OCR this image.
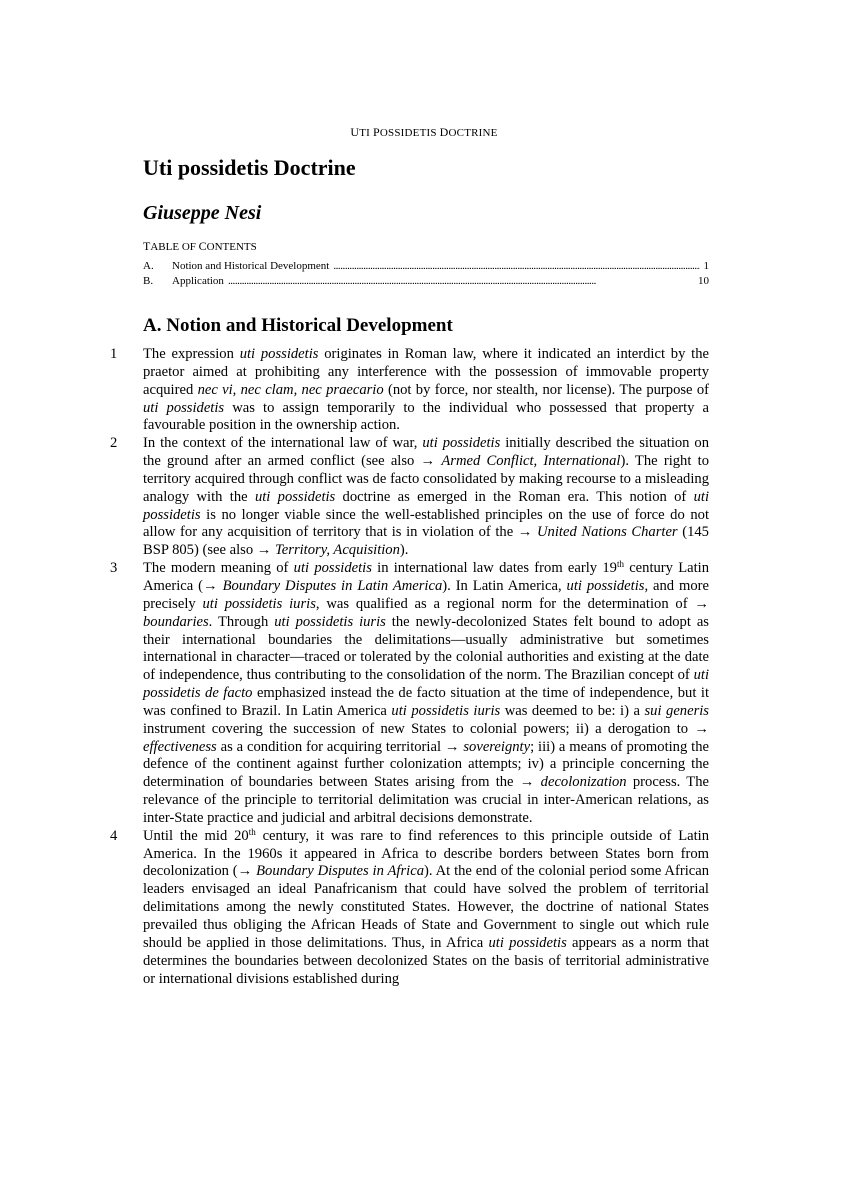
UTI POSSIDETIS DOCTRINE
Uti possidetis Doctrine
Giuseppe Nesi
TABLE OF CONTENTS
A.	Notion and Historical Development . . .	1
B.	Application . . .	10
A. Notion and Historical Development

1 The expression uti possidetis originates in Roman law, where it indicated an interdict by the praetor aimed at prohibiting any interference with the possession of immovable property acquired nec vi, nec clam, nec praecario (not by force, nor stealth, nor license). The purpose of uti possidetis was to assign temporarily to the individual who possessed that property a favourable position in the ownership action.

2 In the context of the international law of war, uti possidetis initially described the situation on the ground after an armed conflict (see also → Armed Conflict, International). The right to territory acquired through conflict was de facto consolidated by making recourse to a misleading analogy with the uti possidetis doctrine as emerged in the Roman era. This notion of uti possidetis is no longer viable since the well-established principles on the use of force do not allow for any acquisition of territory that is in violation of the → United Nations Charter (145 BSP 805) (see also → Territory, Acquisition).

3 The modern meaning of uti possidetis in international law dates from early 19th century Latin America (→ Boundary Disputes in Latin America). In Latin America, uti possidetis, and more precisely uti possidetis iuris, was qualified as a regional norm for the determination of → boundaries. Through uti possidetis iuris the newly-decolonized States felt bound to adopt as their international boundaries the delimitations—usually administrative but sometimes international in character—traced or tolerated by the colonial authorities and existing at the date of independence, thus contributing to the consolidation of the norm. The Brazilian concept of uti possidetis de facto emphasized instead the de facto situation at the time of independence, but it was confined to Brazil. In Latin America uti possidetis iuris was deemed to be: i) a sui generis instrument covering the succession of new States to colonial powers; ii) a derogation to → effectiveness as a condition for acquiring territorial → sovereignty; iii) a means of promoting the defence of the continent against further colonization attempts; iv) a principle concerning the determination of boundaries between States arising from the → decolonization process. The relevance of the principle to territorial delimitation was crucial in inter-American relations, as inter-State practice and judicial and arbitral decisions demonstrate.

4 Until the mid 20th century, it was rare to find references to this principle outside of Latin America. In the 1960s it appeared in Africa to describe borders between States born from decolonization (→ Boundary Disputes in Africa). At the end of the colonial period some African leaders envisaged an ideal Panafricanism that could have solved the problem of territorial delimitations among the newly constituted States. However, the doctrine of national States prevailed thus obliging the African Heads of State and Government to single out which rule should be applied in those delimitations. Thus, in Africa uti possidetis appears as a norm that determines the boundaries between decolonized States on the basis of territorial administrative or international divisions established during
